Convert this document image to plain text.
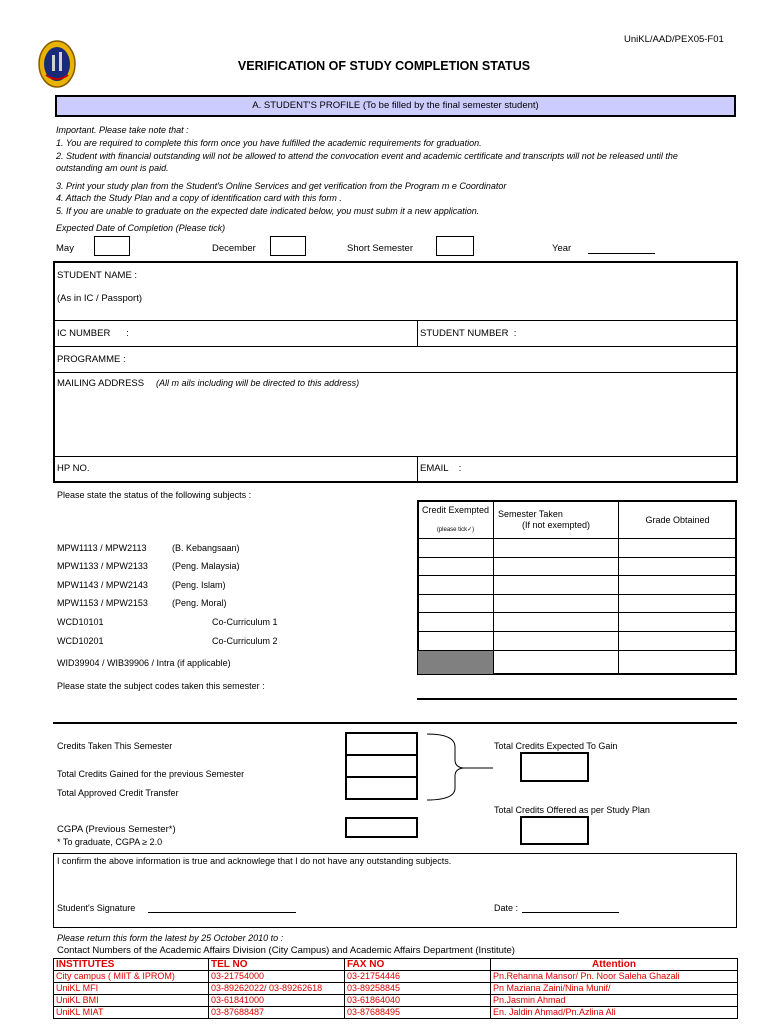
UniKL/AAD/PEX05-F01
VERIFICATION OF STUDY COMPLETION STATUS
A. STUDENT'S PROFILE (To be filled by the final semester student)
Important. Please take note that :
1. You are required to complete this form once you have fulfilled the academic requirements for graduation.
2. Student with financial outstanding will not be allowed to attend the convocation event and academic certificate and transcripts will not be released until the
outstanding am ount is paid.
3. Print your study plan from the Student's Online Services and get verification from the Program m e Coordinator
4. Attach the Study Plan and a copy of identification card with this form .
5. If you are unable to graduate on the expected date indicated below, you must subm it a new application.
Expected Date of Completion (Please tick)
May	December	Short Semester	Year
STUDENT NAME :
(As in IC / Passport)
IC NUMBER      :	STUDENT NUMBER  :
PROGRAMME :
MAILING ADDRESS (All m ails including will be directed to this address)
HP NO.	EMAIL    :
Please state the status of the following subjects :
Credit Exempted
(please tick✓)
Semester Taken
(If not exempted)	Grade Obtained
MPW1113 / MPW2113	(B. Kebangsaan)
MPW1133 / MPW2133	(Peng. Malaysia)
MPW1143 / MPW2143	(Peng. Islam)
MPW1153 / MPW2153	(Peng. Moral)
WCD10101	Co-Curriculum 1
WCD10201	Co-Curriculum 2
WID39904 / WIB39906 / Intra (if applicable)
Please state the subject codes taken this semester :
Credits Taken This Semester
Total Credits Gained for the previous Semester
Total Approved Credit Transfer
Total Credits Expected To Gain
Total Credits Offered as per Study Plan
CGPA (Previous Semester*)
* To graduate, CGPA ≥ 2.0
I confirm the above information is true and acknowlege that I do not have any outstanding subjects.
Student's Signature	Date :
Please return this form the latest by 25 October 2010 to :
Contact Numbers of the Academic Affairs Division (City Campus) and Academic Affairs Department (Institute)
INSTITUTES	TEL NO	FAX NO	Attention
City campus ( MIIT & IPROM)	03-21754000	03-21754446	Pn.Rehanna Mansor/ Pn. Noor Saleha Ghazali
UniKL MFI	03-89262022/ 03-89262618	03-89258845	Pn Maziana Zaini/Nina Munif/
UniKL BMI	03-61841000	03-61864040	Pn.Jasmin Ahmad
UniKL MIAT	03-87688487	03-87688495	En. Jaldin Ahmad/Pn.Azlina Ali
